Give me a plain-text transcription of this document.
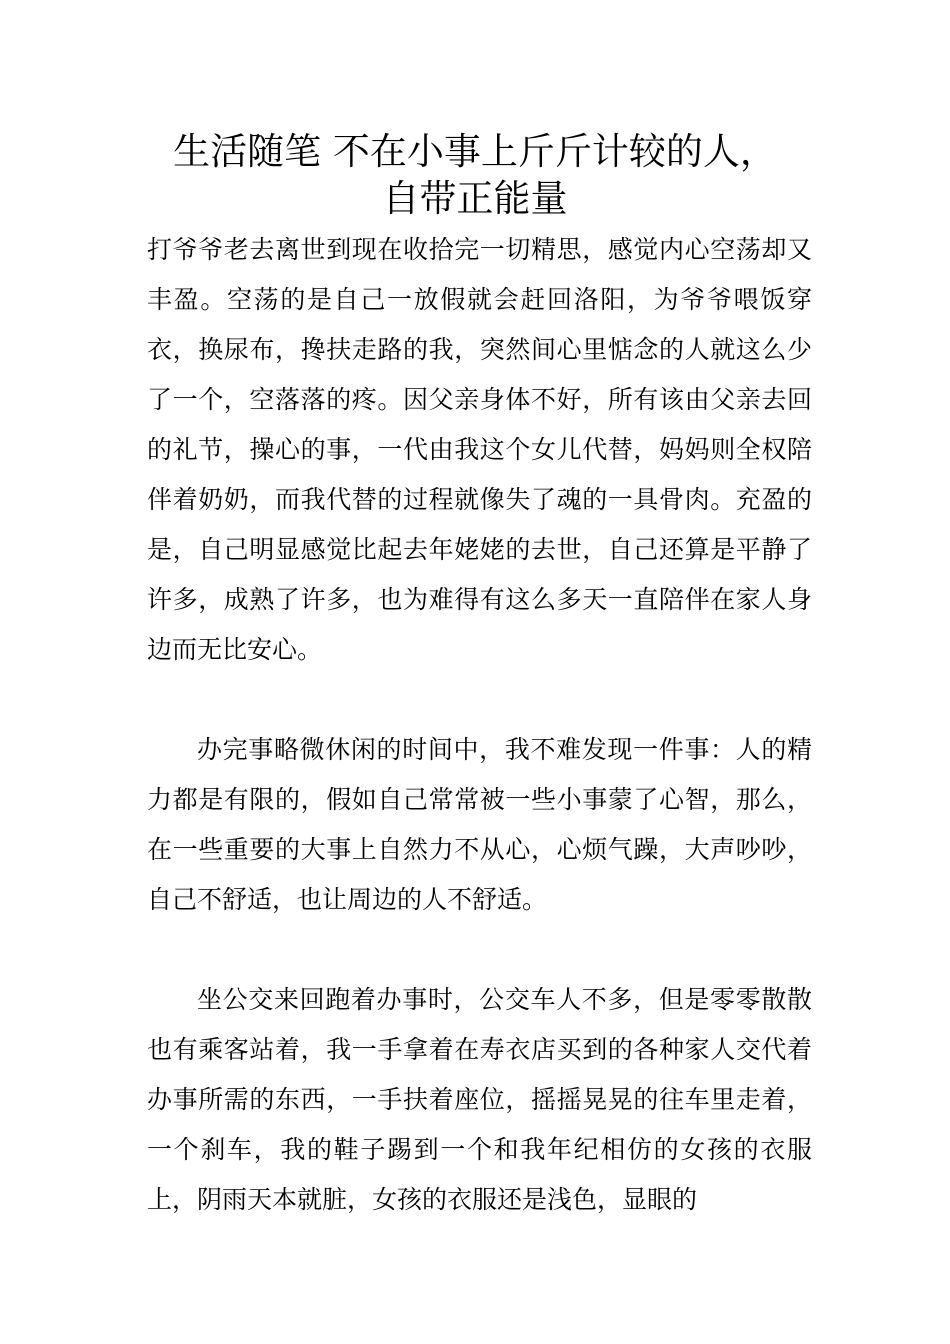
生活随笔 不在小事上斤斤计较的人，
自带正能量

打爷爷老去离世到现在收拾完一切精思，感觉内心空荡却又丰盈。空荡的是自己一放假就会赶回洛阳，为爷爷喂饭穿衣，换尿布，搀扶走路的我，突然间心里惦念的人就这么少了一个，空落落的疼。因父亲身体不好，所有该由父亲去回的礼节，操心的事，一代由我这个女儿代替，妈妈则全权陪伴着奶奶，而我代替的过程就像失了魂的一具骨肉。充盈的是，自己明显感觉比起去年姥姥的去世，自己还算是平静了许多，成熟了许多，也为难得有这么多天一直陪伴在家人身边而无比安心。

办完事略微休闲的时间中，我不难发现一件事：人的精力都是有限的，假如自己常常被一些小事蒙了心智，那么，在一些重要的大事上自然力不从心，心烦气躁，大声吵吵，自己不舒适，也让周边的人不舒适。

坐公交来回跑着办事时，公交车人不多，但是零零散散也有乘客站着，我一手拿着在寿衣店买到的各种家人交代着办事所需的东西，一手扶着座位，摇摇晃晃的往车里走着，一个刹车，我的鞋子踢到一个和我年纪相仿的女孩的衣服上，阴雨天本就脏，女孩的衣服还是浅色，显眼的
